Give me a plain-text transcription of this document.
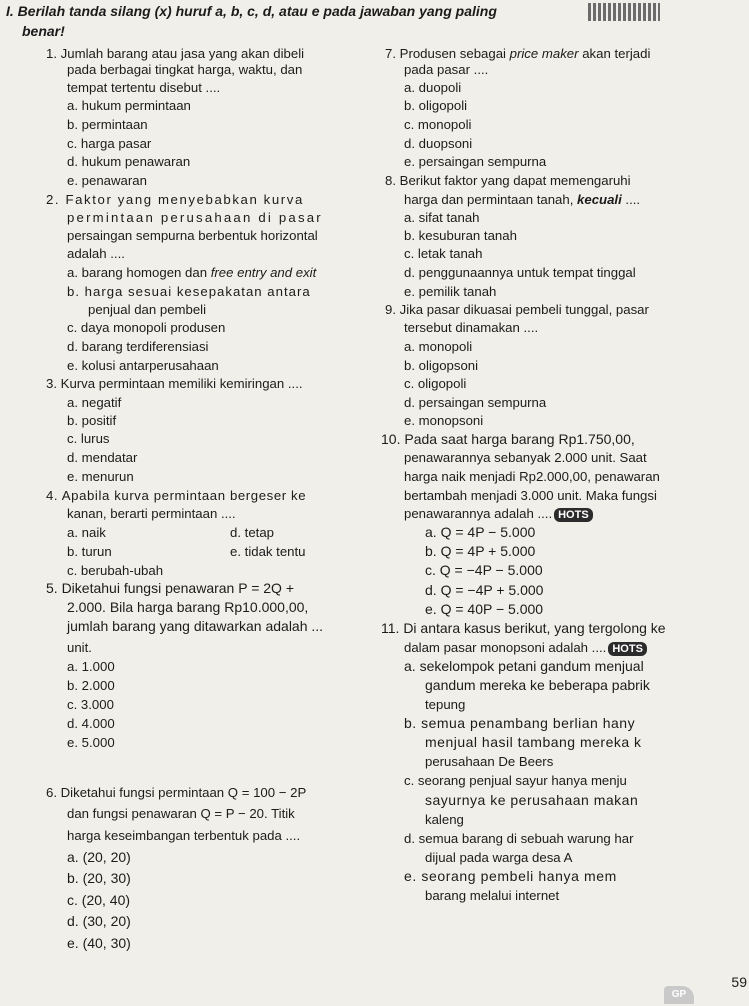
I. Berilah tanda silang (x) huruf a, b, c, d, atau e pada jawaban yang paling
benar!
1. Jumlah barang atau jasa yang akan dibeli
pada berbagai tingkat harga, waktu, dan
tempat tertentu disebut ....
a. hukum permintaan
b. permintaan
c. harga pasar
d. hukum penawaran
e. penawaran
2. Faktor yang menyebabkan kurva
permintaan perusahaan di pasar
persaingan sempurna berbentuk horizontal
adalah ....
a. barang homogen dan free entry and exit
b. harga sesuai kesepakatan antara
penjual dan pembeli
c. daya monopoli produsen
d. barang terdiferensiasi
e. kolusi antarperusahaan
3. Kurva permintaan memiliki kemiringan ....
a. negatif
b. positif
c. lurus
d. mendatar
e. menurun
4. Apabila kurva permintaan bergeser ke
kanan, berarti permintaan ....
a. naik	d. tetap
b. turun	e. tidak tentu
c. berubah-ubah
5. Diketahui fungsi penawaran P = 2Q +
2.000. Bila harga barang Rp10.000,00,
jumlah barang yang ditawarkan adalah ...
unit.
a. 1.000
b. 2.000
c. 3.000
d. 4.000
e. 5.000
6. Diketahui fungsi permintaan Q = 100 − 2P
dan fungsi penawaran Q = P − 20. Titik
harga keseimbangan terbentuk pada ....
a. (20, 20)
b. (20, 30)
c. (20, 40)
d. (30, 20)
e. (40, 30)
7. Produsen sebagai price maker akan terjadi
pada pasar ....
a. duopoli
b. oligopoli
c. monopoli
d. duopsoni
e. persaingan sempurna
8. Berikut faktor yang dapat memengaruhi
harga dan permintaan tanah, kecuali ....
a. sifat tanah
b. kesuburan tanah
c. letak tanah
d. penggunaannya untuk tempat tinggal
e. pemilik tanah
9. Jika pasar dikuasai pembeli tunggal, pasar
tersebut dinamakan ....
a. monopoli
b. oligopsoni
c. oligopoli
d. persaingan sempurna
e. monopsoni
10. Pada saat harga barang Rp1.750,00,
penawarannya sebanyak 2.000 unit. Saat
harga naik menjadi Rp2.000,00, penawaran
bertambah menjadi 3.000 unit. Maka fungsi
penawarannya adalah .... HOTS
a. Q = 4P − 5.000
b. Q = 4P + 5.000
c. Q = −4P − 5.000
d. Q = −4P + 5.000
e. Q = 40P − 5.000
11. Di antara kasus berikut, yang tergolong ke
dalam pasar monopsoni adalah .... HOTS
a. sekelompok petani gandum menjual
gandum mereka ke beberapa pabrik
tepung
b. semua penambang berlian hany
menjual hasil tambang mereka k
perusahaan De Beers
c. seorang penjual sayur hanya menju
sayurnya ke perusahaan makan
kaleng
d. semua barang di sebuah warung har
dijual pada warga desa A
e. seorang pembeli hanya mem
barang melalui internet
GP
59
